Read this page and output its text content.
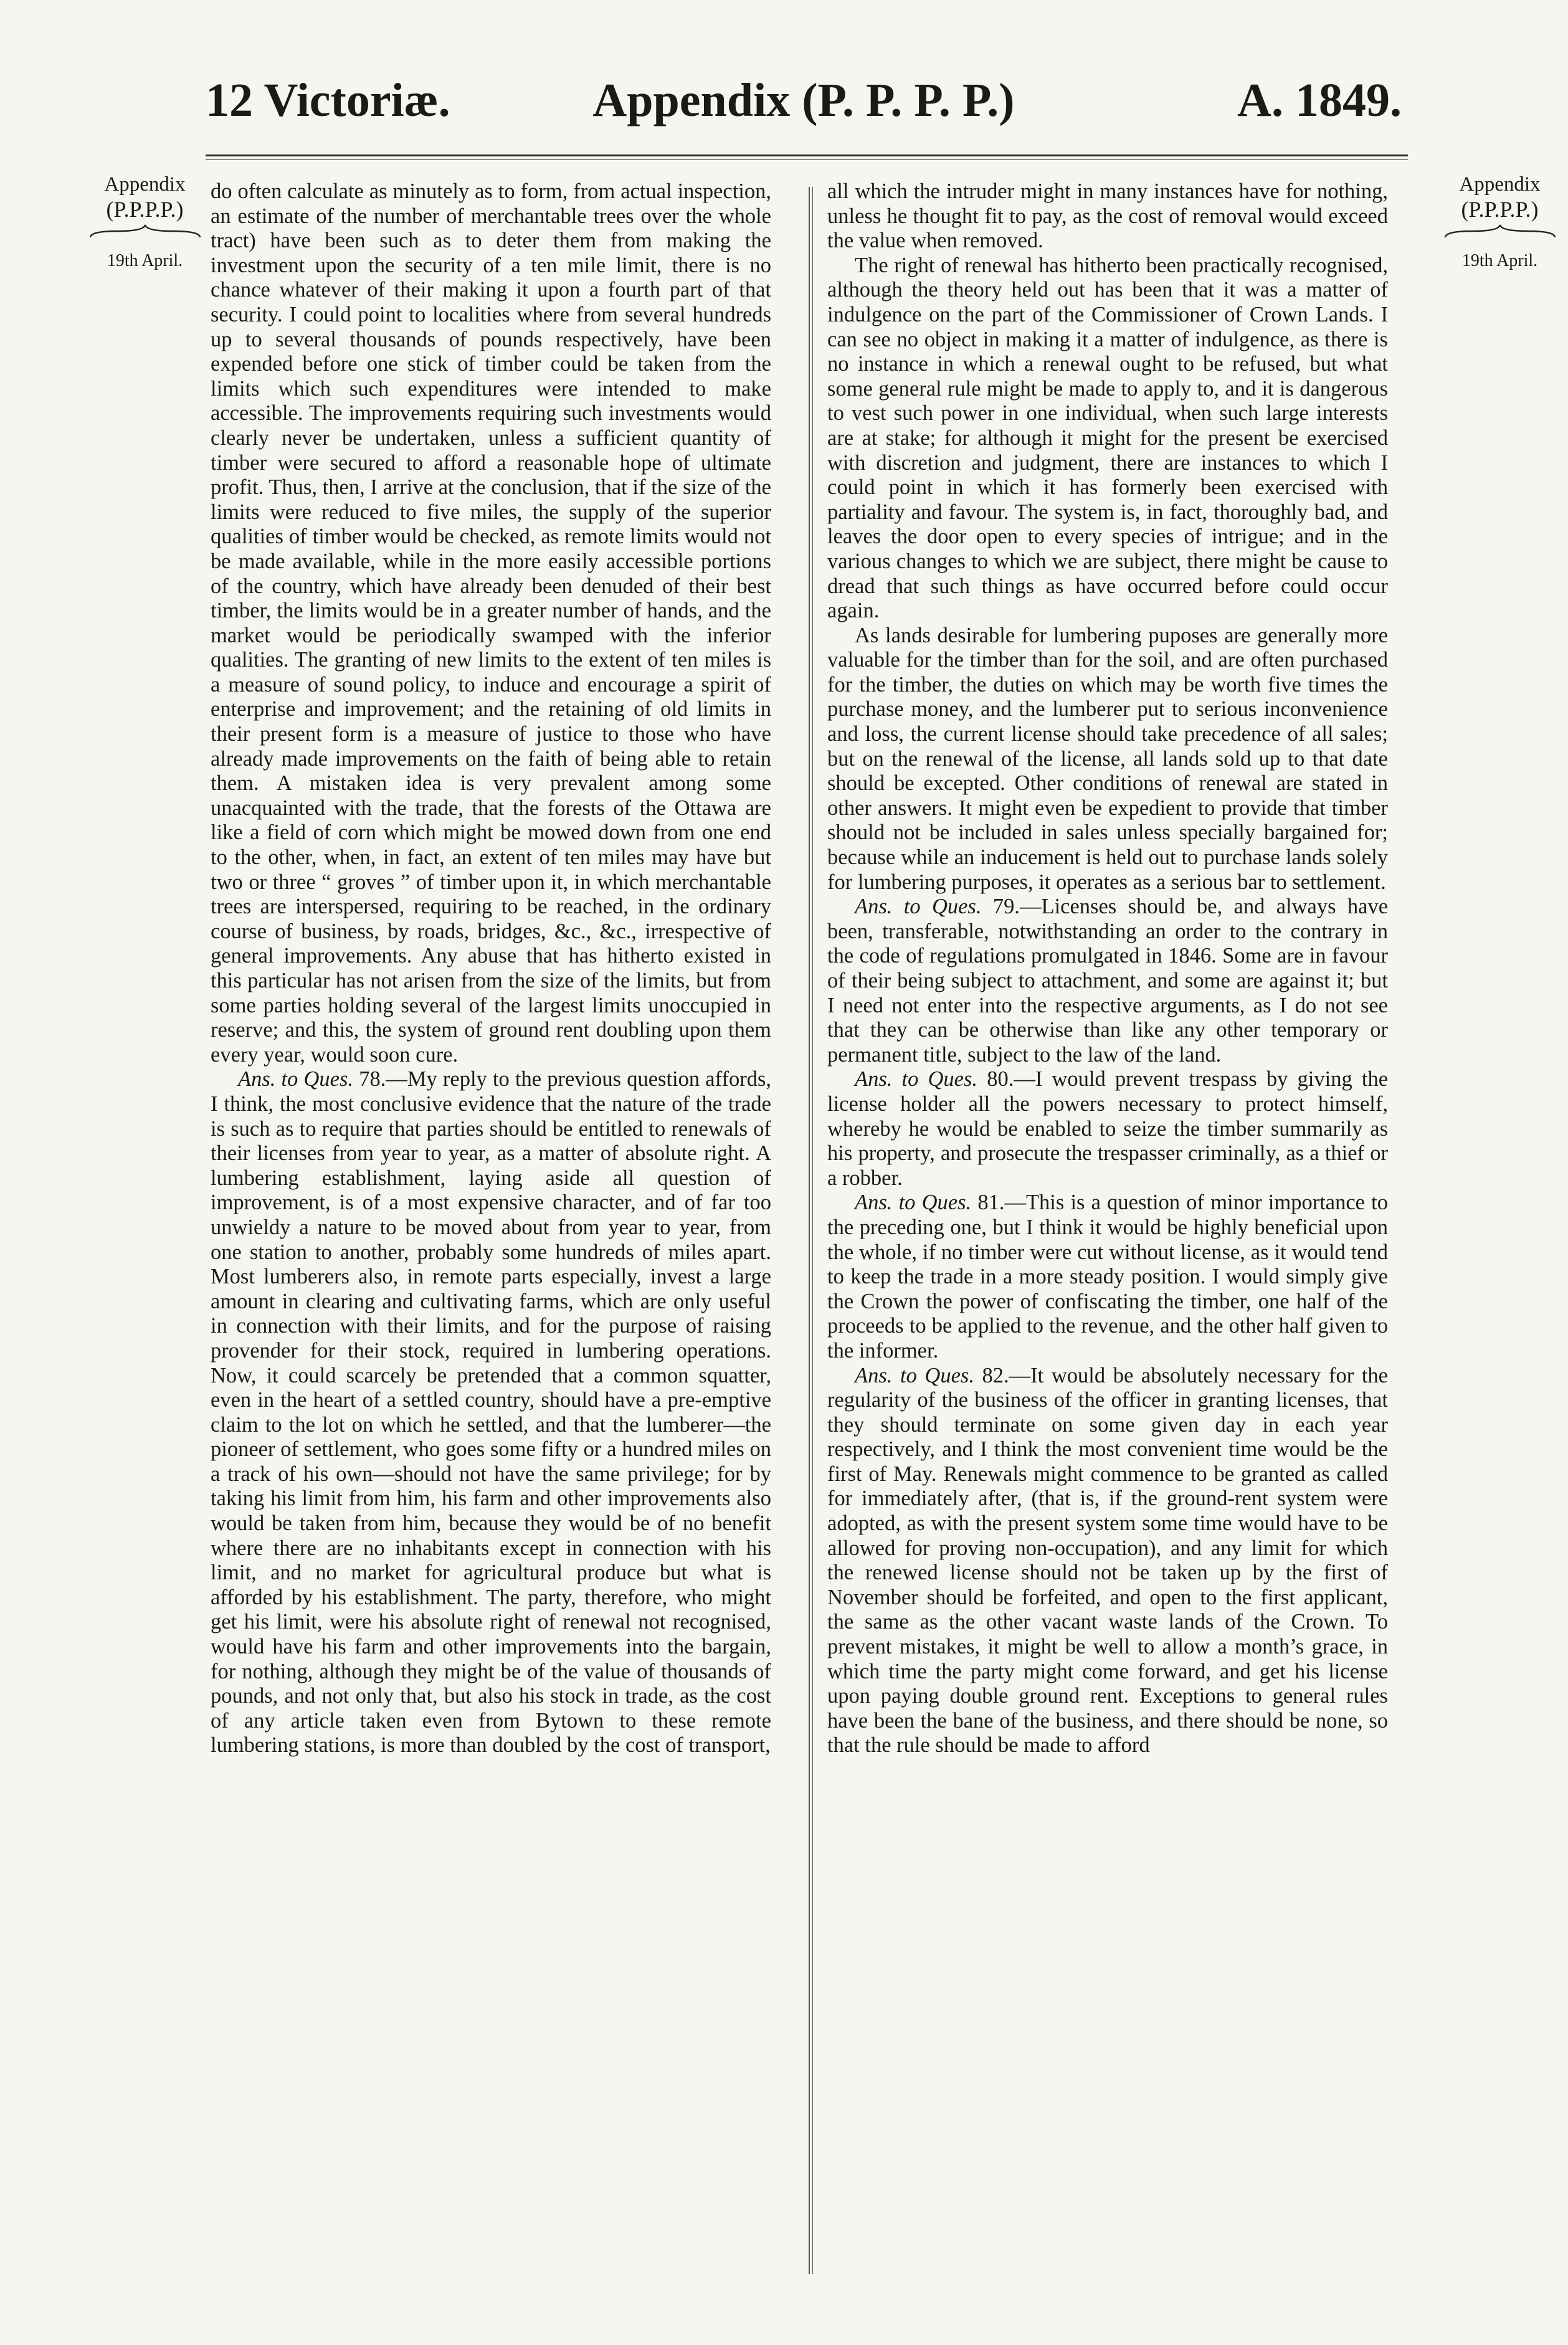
12 Victoriæ.	Appendix (P. P. P. P.)	A. 1849.
Appendix
(P.P.P.P.)
19th April.
Appendix
(P.P.P.P.)
19th April.

do often calculate as minutely as to form, from actual inspection, an estimate of the number of merchantable trees over the whole tract) have been such as to deter them from making the investment upon the security of a ten mile limit, there is no chance whatever of their making it upon a fourth part of that security. I could point to localities where from several hundreds up to several thousands of pounds respectively, have been expended before one stick of timber could be taken from the limits which such expenditures were intended to make accessible. The improvements requiring such investments would clearly never be undertaken, unless a sufficient quantity of timber were secured to afford a reasonable hope of ultimate profit. Thus, then, I arrive at the conclusion, that if the size of the limits were reduced to five miles, the supply of the superior qualities of timber would be checked, as remote limits would not be made available, while in the more easily accessible portions of the country, which have already been denuded of their best timber, the limits would be in a greater number of hands, and the market would be periodically swamped with the inferior qualities. The granting of new limits to the extent of ten miles is a measure of sound policy, to induce and encourage a spirit of enterprise and improvement; and the retaining of old limits in their present form is a measure of justice to those who have already made improvements on the faith of being able to retain them. A mistaken idea is very prevalent among some unacquainted with the trade, that the forests of the Ottawa are like a field of corn which might be mowed down from one end to the other, when, in fact, an extent of ten miles may have but two or three “ groves ” of timber upon it, in which merchantable trees are interspersed, requiring to be reached, in the ordinary course of business, by roads, bridges, &c., &c., irrespective of general improvements. Any abuse that has hitherto existed in this particular has not arisen from the size of the limits, but from some parties holding several of the largest limits unoccupied in reserve; and this, the system of ground rent doubling upon them every year, would soon cure.

Ans. to Ques. 78.—My reply to the previous question affords, I think, the most conclusive evidence that the nature of the trade is such as to require that parties should be entitled to renewals of their licenses from year to year, as a matter of absolute right. A lumbering establishment, laying aside all question of improvement, is of a most expensive character, and of far too unwieldy a nature to be moved about from year to year, from one station to another, probably some hundreds of miles apart. Most lumberers also, in remote parts especially, invest a large amount in clearing and cultivating farms, which are only useful in connection with their limits, and for the purpose of raising provender for their stock, required in lumbering operations. Now, it could scarcely be pretended that a common squatter, even in the heart of a settled country, should have a pre-emptive claim to the lot on which he settled, and that the lumberer—the pioneer of settlement, who goes some fifty or a hundred miles on a track of his own—should not have the same privilege; for by taking his limit from him, his farm and other improvements also would be taken from him, because they would be of no benefit where there are no inhabitants except in connection with his limit, and no market for agricultural produce but what is afforded by his establishment. The party, therefore, who might get his limit, were his absolute right of renewal not recognised, would have his farm and other improvements into the bargain, for nothing, although they might be of the value of thousands of pounds, and not only that, but also his stock in trade, as the cost of any article taken even from Bytown to these remote lumbering stations, is more than doubled by the cost of transport,

all which the intruder might in many instances have for nothing, unless he thought fit to pay, as the cost of removal would exceed the value when removed.

The right of renewal has hitherto been practically recognised, although the theory held out has been that it was a matter of indulgence on the part of the Commissioner of Crown Lands. I can see no object in making it a matter of indulgence, as there is no instance in which a renewal ought to be refused, but what some general rule might be made to apply to, and it is dangerous to vest such power in one individual, when such large interests are at stake; for although it might for the present be exercised with discretion and judgment, there are instances to which I could point in which it has formerly been exercised with partiality and favour. The system is, in fact, thoroughly bad, and leaves the door open to every species of intrigue; and in the various changes to which we are subject, there might be cause to dread that such things as have occurred before could occur again.

As lands desirable for lumbering puposes are generally more valuable for the timber than for the soil, and are often purchased for the timber, the duties on which may be worth five times the purchase money, and the lumberer put to serious inconvenience and loss, the current license should take precedence of all sales; but on the renewal of the license, all lands sold up to that date should be excepted. Other conditions of renewal are stated in other answers. It might even be expedient to provide that timber should not be included in sales unless specially bargained for; because while an inducement is held out to purchase lands solely for lumbering purposes, it operates as a serious bar to settlement.

Ans. to Ques. 79.—Licenses should be, and always have been, transferable, notwithstanding an order to the contrary in the code of regulations promulgated in 1846. Some are in favour of their being subject to attachment, and some are against it; but I need not enter into the respective arguments, as I do not see that they can be otherwise than like any other temporary or permanent title, subject to the law of the land.

Ans. to Ques. 80.—I would prevent trespass by giving the license holder all the powers necessary to protect himself, whereby he would be enabled to seize the timber summarily as his property, and prosecute the trespasser criminally, as a thief or a robber.

Ans. to Ques. 81.—This is a question of minor importance to the preceding one, but I think it would be highly beneficial upon the whole, if no timber were cut without license, as it would tend to keep the trade in a more steady position. I would simply give the Crown the power of confiscating the timber, one half of the proceeds to be applied to the revenue, and the other half given to the informer.

Ans. to Ques. 82.—It would be absolutely necessary for the regularity of the business of the officer in granting licenses, that they should terminate on some given day in each year respectively, and I think the most convenient time would be the first of May. Renewals might commence to be granted as called for immediately after, (that is, if the ground-rent system were adopted, as with the present system some time would have to be allowed for proving non-occupation), and any limit for which the renewed license should not be taken up by the first of November should be forfeited, and open to the first applicant, the same as the other vacant waste lands of the Crown. To prevent mistakes, it might be well to allow a month’s grace, in which time the party might come forward, and get his license upon paying double ground rent. Exceptions to general rules have been the bane of the business, and there should be none, so that the rule should be made to afford
